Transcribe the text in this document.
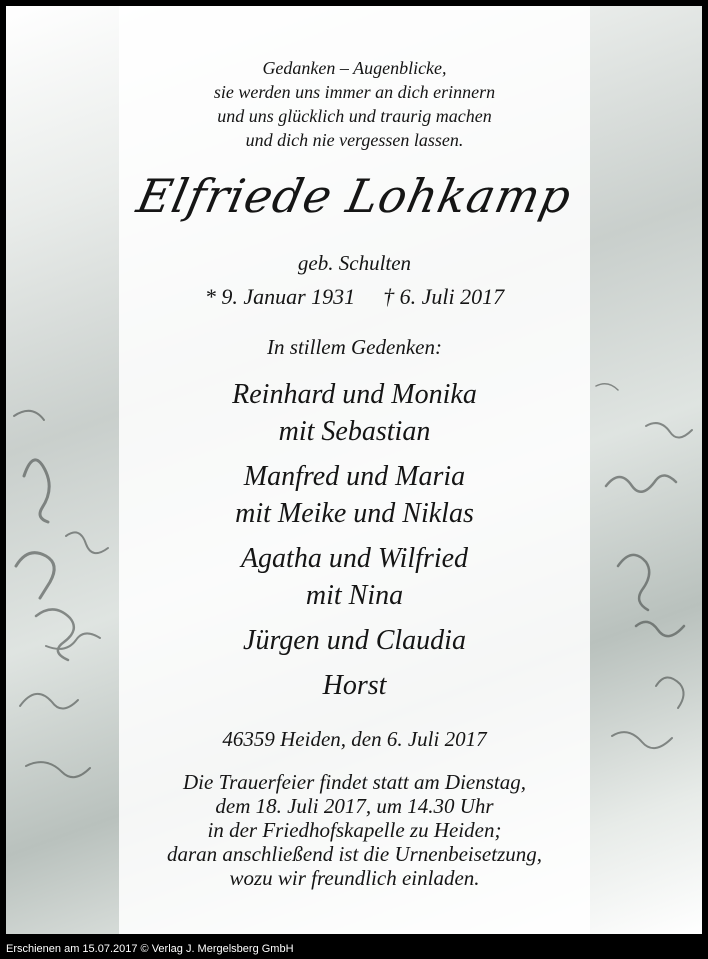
Gedanken – Augenblicke,
sie werden uns immer an dich erinnern
und uns glücklich und traurig machen
und dich nie vergessen lassen.
Elfriede Lohkamp
geb. Schulten
* 9. Januar 1931 † 6. Juli 2017
In stillem Gedenken:
Reinhard und Monika
mit Sebastian
Manfred und Maria
mit Meike und Niklas
Agatha und Wilfried
mit Nina
Jürgen und Claudia
Horst
46359 Heiden, den 6. Juli 2017
Die Trauerfeier findet statt am Dienstag,
dem 18. Juli 2017, um 14.30 Uhr
in der Friedhofskapelle zu Heiden;
daran anschließend ist die Urnenbeisetzung,
wozu wir freundlich einladen.
Erschienen am 15.07.2017 © Verlag J. Mergelsberg GmbH
